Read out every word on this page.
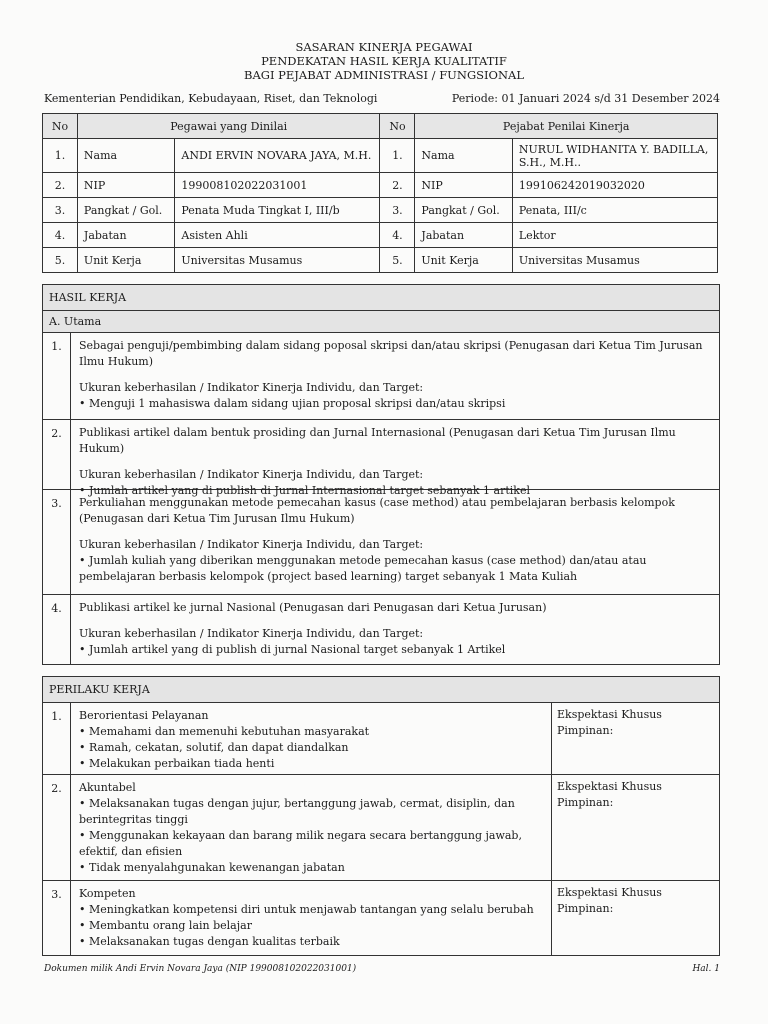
SASARAN KINERJA PEGAWAI
PENDEKATAN HASIL KERJA KUALITATIF
BAGI PEJABAT ADMINISTRASI / FUNGSIONAL
Kementerian Pendidikan, Kebudayaan, Riset, dan Teknologi	Periode: 01 Januari 2024 s/d 31 Desember 2024
No	Pegawai yang Dinilai		No	Pejabat Penilai Kinerja	
1.	Nama	ANDI ERVIN NOVARA JAYA, M.H.	1.	Nama	NURUL WIDHANITA Y. BADILLA, S.H., M.H..
2.	NIP	199008102022031001	2.	NIP	199106242019032020
3.	Pangkat / Gol.	Penata Muda Tingkat I, III/b	3.	Pangkat / Gol.	Penata, III/c
4.	Jabatan	Asisten Ahli	4.	Jabatan	Lektor
5.	Unit Kerja	Universitas Musamus	5.	Unit Kerja	Universitas Musamus
HASIL KERJA
A. Utama
1.	Sebagai penguji/pembimbing dalam sidang poposal skripsi dan/atau skripsi (Penugasan dari Ketua Tim Jurusan Ilmu Hukum)

Ukuran keberhasilan / Indikator Kinerja Individu, dan Target:

• Menguji 1 mahasiswa dalam sidang ujian proposal skripsi dan/atau skripsi

2.	Publikasi artikel dalam bentuk prosiding dan Jurnal Internasional (Penugasan dari Ketua Tim Jurusan Ilmu Hukum)

Ukuran keberhasilan / Indikator Kinerja Individu, dan Target:

• Jumlah artikel yang di publish di Jurnal Internasional target sebanyak 1 artikel

3.	Perkuliahan menggunakan metode pemecahan kasus (case method) atau pembelajaran berbasis kelompok (Penugasan dari Ketua Tim Jurusan Ilmu Hukum)

Ukuran keberhasilan / Indikator Kinerja Individu, dan Target:

• Jumlah kuliah yang diberikan menggunakan metode pemecahan kasus (case method) dan/atau atau pembelajaran berbasis kelompok (project based learning) target sebanyak 1 Mata Kuliah

4.	Publikasi artikel ke jurnal Nasional (Penugasan dari Penugasan dari Ketua Jurusan)

Ukuran keberhasilan / Indikator Kinerja Individu, dan Target:

• Jumlah artikel yang di publish di jurnal Nasional target sebanyak 1 Artikel

PERILAKU KERJA
1.	Berorientasi Pelayanan

• Memahami dan memenuhi kebutuhan masyarakat

• Ramah, cekatan, solutif, dan dapat diandalkan

• Melakukan perbaikan tiada henti

Ekspektasi Khusus Pimpinan:
2.	Akuntabel

• Melaksanakan tugas dengan jujur, bertanggung jawab, cermat, disiplin, dan berintegritas tinggi

• Menggunakan kekayaan dan barang milik negara secara bertanggung jawab, efektif, dan efisien

• Tidak menyalahgunakan kewenangan jabatan

Ekspektasi Khusus Pimpinan:
3.	Kompeten

• Meningkatkan kompetensi diri untuk menjawab tantangan yang selalu berubah

• Membantu orang lain belajar

• Melaksanakan tugas dengan kualitas terbaik

Ekspektasi Khusus Pimpinan:
Dokumen milik Andi Ervin Novara Jaya (NIP 199008102022031001)	Hal. 1
